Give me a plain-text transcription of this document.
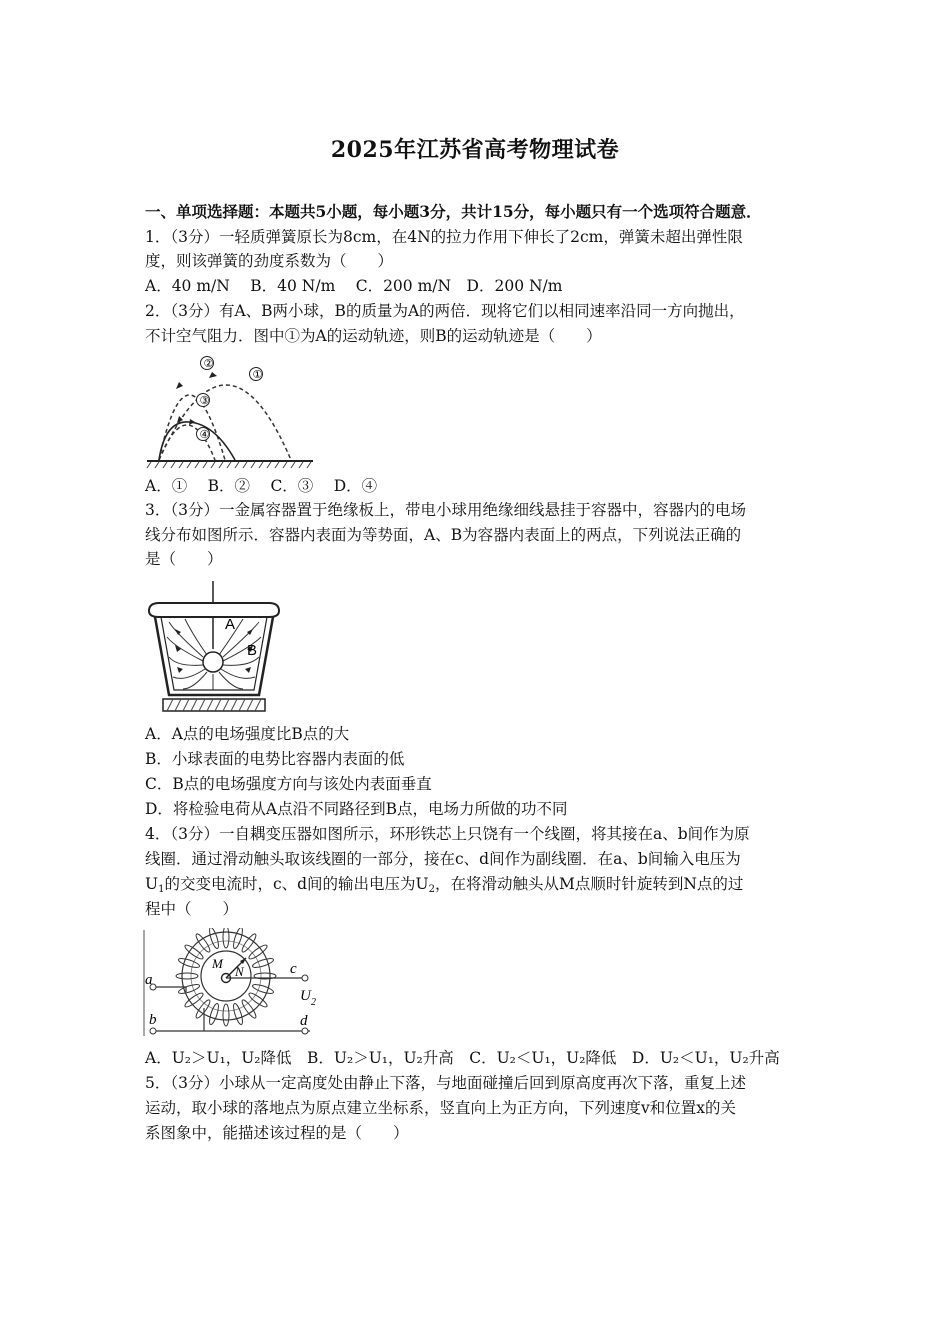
2025年江苏省高考物理试卷
一、单项选择题：本题共5小题，每小题3分，共计15分，每小题只有一个选项符合题意．
1．（3分）一轻质弹簧原长为8cm，在4N的拉力作用下伸长了2cm，弹簧未超出弹性限
度，则该弹簧的劲度系数为（　　）
A．40 m/N　 B．40 N/m　 C．200 m/N　D．200 N/m
2．（3分）有A、B两小球，B的质量为A的两倍．现将它们以相同速率沿同一方向抛出，
不计空气阻力．图中①为A的运动轨迹，则B的运动轨迹是（　　）
②
①
③
④
A．①　 B．②　 C．③　 D．④
3．（3分）一金属容器置于绝缘板上，带电小球用绝缘细线悬挂于容器中，容器内的电场
线分布如图所示．容器内表面为等势面，A、B为容器内表面上的两点，下列说法正确的
是（　　）
A
B
A．A点的电场强度比B点的大
B．小球表面的电势比容器内表面的低
C．B点的电场强度方向与该处内表面垂直
D．将检验电荷从A点沿不同路径到B点，电场力所做的功不同
4．（3分）一自耦变压器如图所示，环形铁芯上只饶有一个线圈，将其接在a、b间作为原
线圈．通过滑动触头取该线圈的一部分，接在c、d间作为副线圈．在a、b间输入电压为
$U_1$的交变电流时，c、d间的输出电压为$U_2$，在将滑动触头从M点顺时针旋转到N点的过
程中（　　）
M
N
a
b
c
d
U 2
A．U₂＞U₁，U₂降低　B．U₂＞U₁，U₂升高　C．U₂＜U₁，U₂降低　D．U₂＜U₁，U₂升高
5．（3分）小球从一定高度处由静止下落，与地面碰撞后回到原高度再次下落，重复上述
运动，取小球的落地点为原点建立坐标系，竖直向上为正方向，下列速度v和位置x的关
系图象中，能描述该过程的是（　　）
